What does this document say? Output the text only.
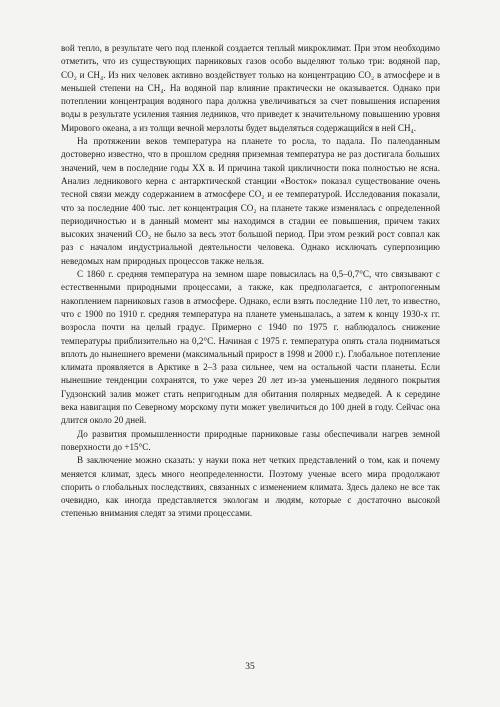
вой тепло, в результате чего под пленкой создается теплый микроклимат. При этом необходимо отметить, что из существующих парниковых газов особо выделяют только три: водяной пар, CO₂ и CH₄. Из них человек активно воздействует только на концентрацию CO₂ в атмосфере и в меньшей степени на CH₄. На водяной пар влияние практически не оказывается. Однако при потеплении концентрация водяного пара должна увеличиваться за счет повышения испарения воды в результате усиления таяния ледников, что приведет к значительному повышению уровня Мирового океана, а из толщи вечной мерзлоты будет выделяться содержащийся в ней CH₄.

На протяжении веков температура на планете то росла, то падала. По палеоданным достоверно известно, что в прошлом средняя приземная температура не раз достигала больших значений, чем в последние годы XX в. И причина такой цикличности пока полностью не ясна. Анализ ледникового керна с антарктической станции «Восток» показал существование очень тесной связи между содержанием в атмосфере CO₂ и ее температурой. Исследования показали, что за последние 400 тыс. лет концентрация CO₂ на планете также изменялась с определенной периодичностью и в данный момент мы находимся в стадии ее повышения, причем таких высоких значений CO₂ не было за весь этот большой период. При этом резкий рост совпал как раз с началом индустриальной деятельности человека. Однако исключать суперпозицию неведомых нам природных процессов также нельзя.

С 1860 г. средняя температура на земном шаре повысилась на 0,5–0,7°С, что связывают с естественными природными процессами, а также, как предполагается, с антропогенным накоплением парниковых газов в атмосфере. Однако, если взять последние 110 лет, то известно, что с 1900 по 1910 г. средняя температура на планете уменьшалась, а затем к концу 1930-х гг. возросла почти на целый градус. Примерно с 1940 по 1975 г. наблюдалось снижение температуры приблизительно на 0,2°С. Начиная с 1975 г. температура опять стала подниматься вплоть до нынешнего времени (максимальный прирост в 1998 и 2000 г.). Глобальное потепление климата проявляется в Арктике в 2–3 раза сильнее, чем на остальной части планеты. Если нынешние тенденции сохранятся, то уже через 20 лет из-за уменьшения ледяного покрытия Гудзонский залив может стать непригодным для обитания полярных медведей. А к середине века навигация по Северному морскому пути может увеличиться до 100 дней в году. Сейчас она длится около 20 дней.

До развития промышленности природные парниковые газы обеспечивали нагрев земной поверхности до +15°С.

В заключение можно сказать: у науки пока нет четких представлений о том, как и почему меняется климат, здесь много неопределенности. Поэтому ученые всего мира продолжают спорить о глобальных последствиях, связанных с изменением климата. Здесь далеко не все так очевидно, как иногда представляется экологам и людям, которые с достаточно высокой степенью внимания следят за этими процессами.

35
